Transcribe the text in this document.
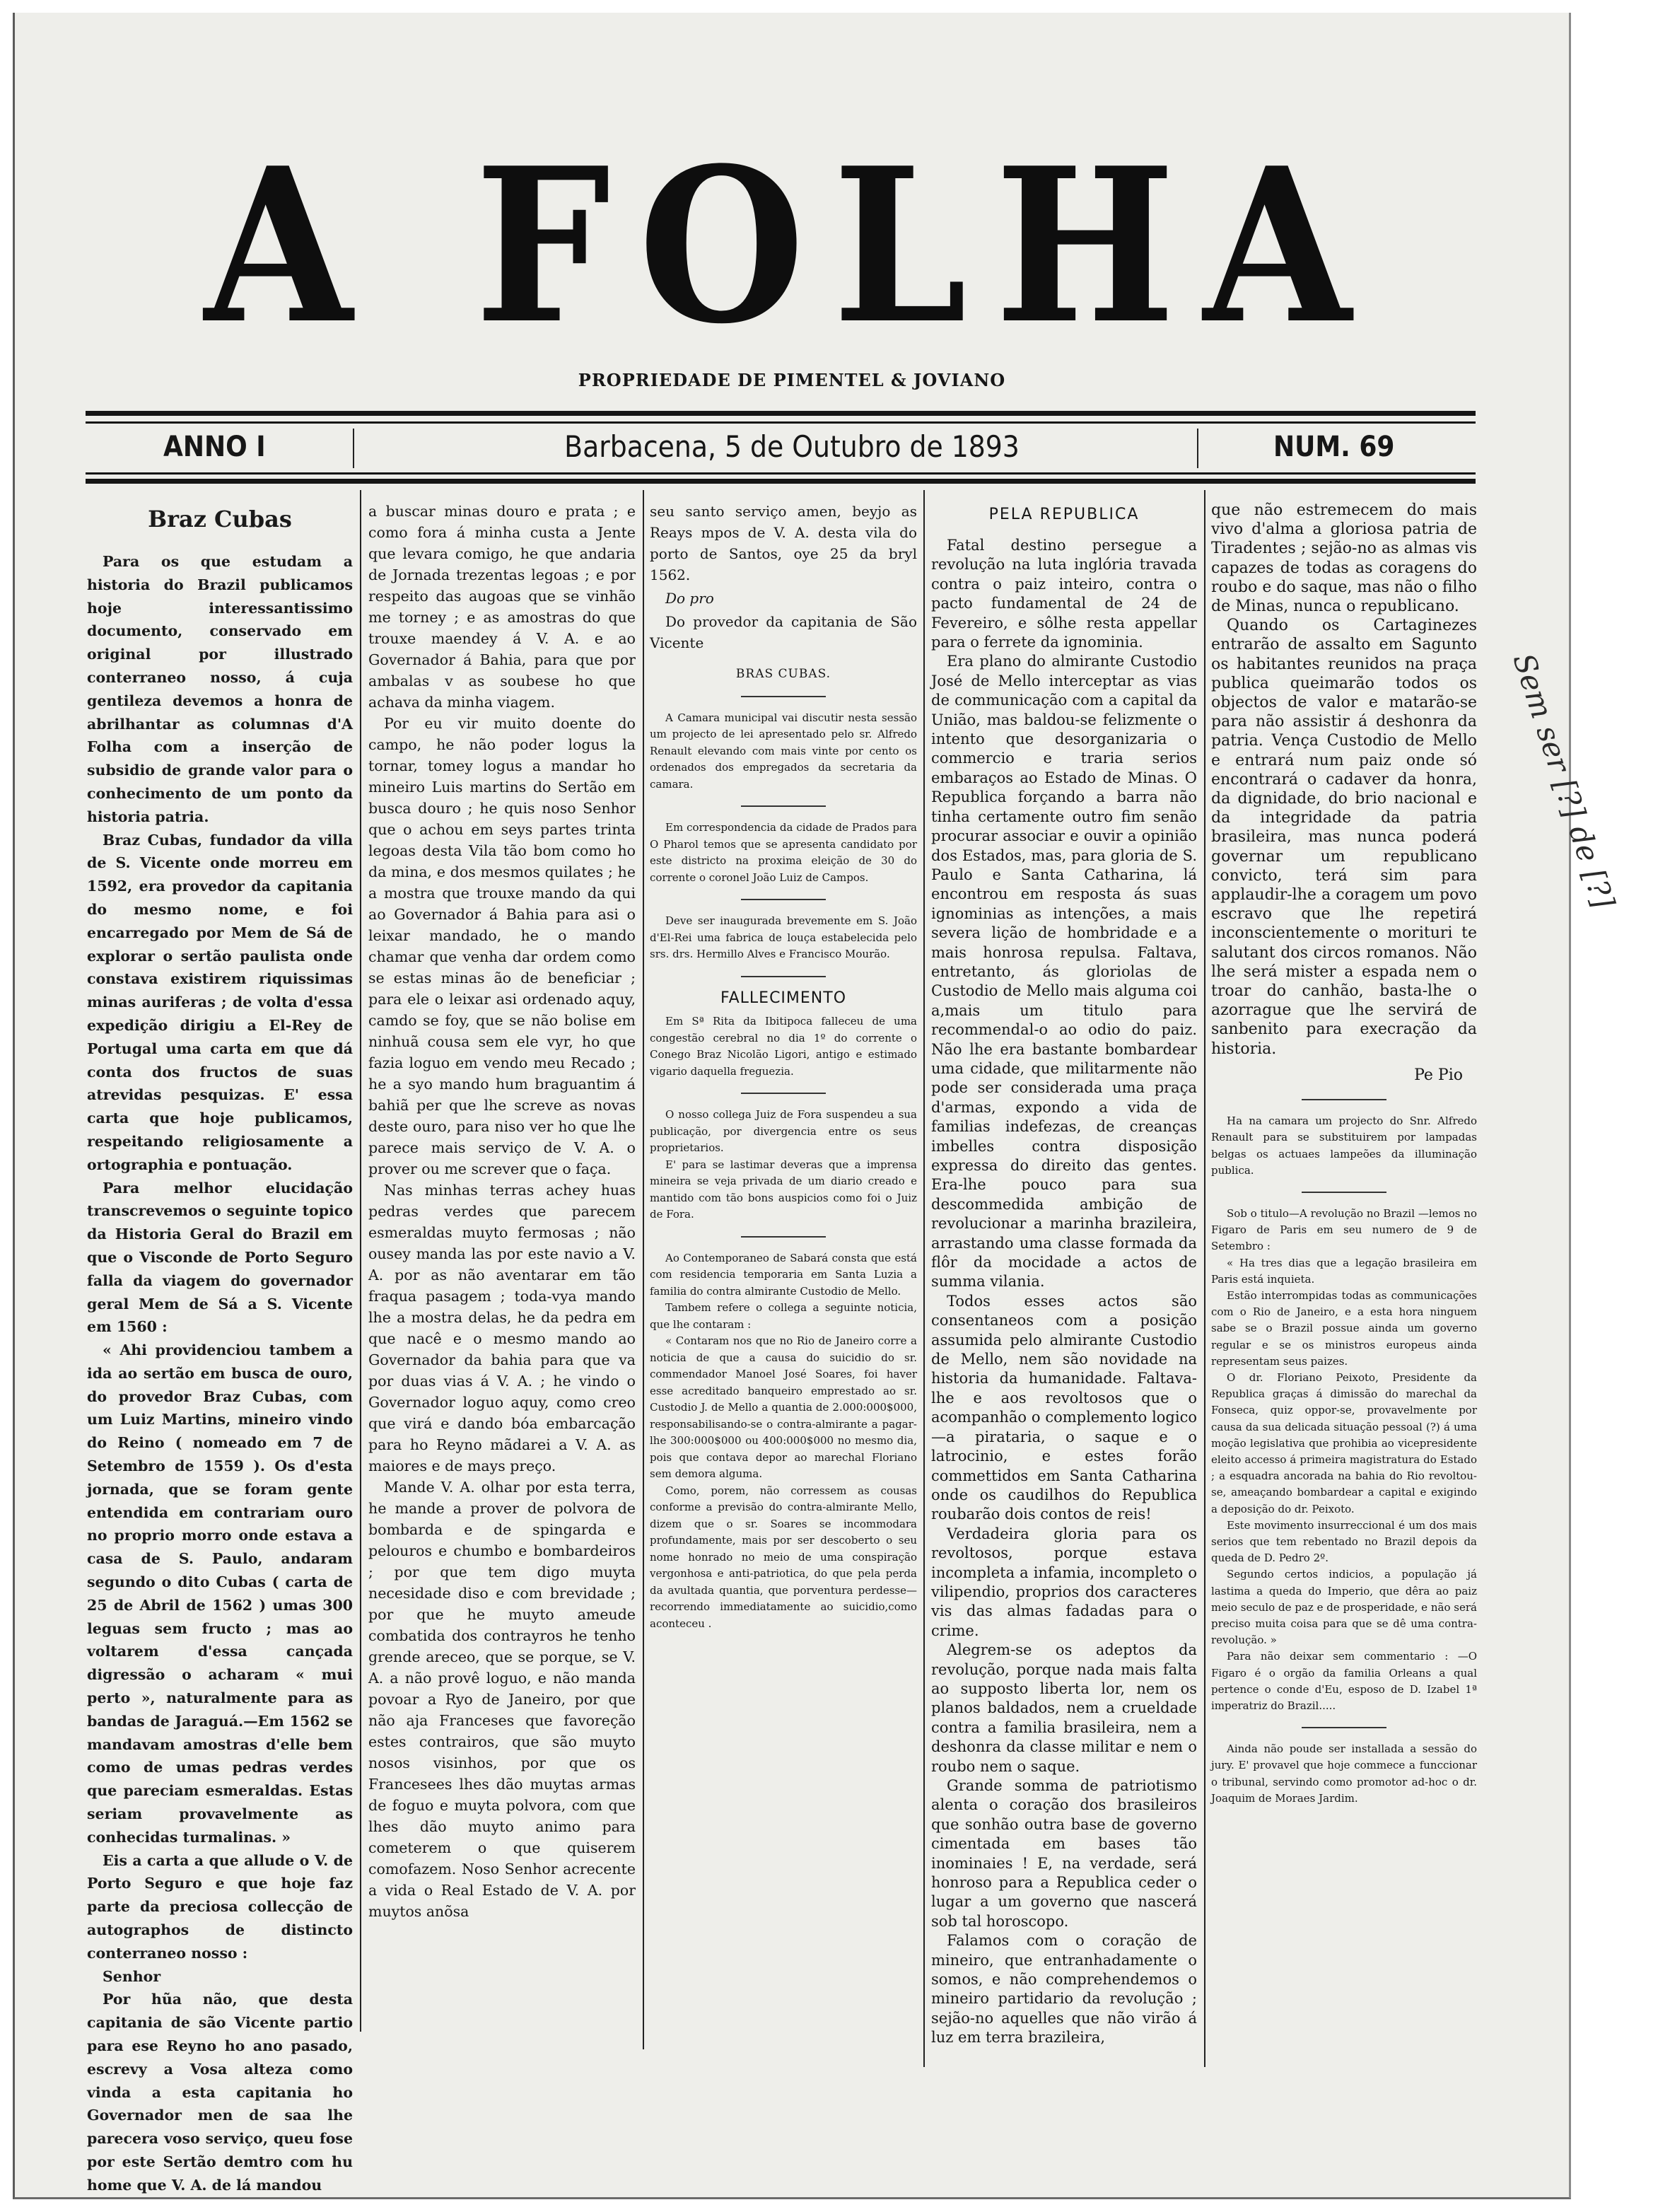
A FOLHA
PROPRIEDADE DE PIMENTEL & JOVIANO
ANNO I	Barbacena, 5 de Outubro de 1893	NUM. 69
Braz Cubas

Para os que estudam a historia do Brazil publicamos hoje interessantissimo documento, conservado em original por illustrado conterraneo nosso, á cuja gentileza devemos a honra de abrilhantar as columnas d'A Folha com a inserção de subsidio de grande valor para o conhecimento de um ponto da historia patria.

Braz Cubas, fundador da villa de S. Vicente onde morreu em 1592, era provedor da capitania do mesmo nome, e foi encarregado por Mem de Sá de explorar o sertão paulista onde constava existirem riquissimas minas auriferas ; de volta d'essa expedição dirigiu a El-Rey de Portugal uma carta em que dá conta dos fructos de suas atrevidas pesquizas. E' essa carta que hoje publicamos, respeitando religiosamente a ortographia e pontuação.

Para melhor elucidação transcrevemos o seguinte topico da Historia Geral do Brazil em que o Visconde de Porto Seguro falla da viagem do governador geral Mem de Sá a S. Vicente em 1560 :

« Ahi providenciou tambem a ida ao sertão em busca de ouro, do provedor Braz Cubas, com um Luiz Martins, mineiro vindo do Reino ( nomeado em 7 de Setembro de 1559 ). Os d'esta jornada, que se foram gente entendida em contrariam ouro no proprio morro onde estava a casa de S. Paulo, andaram segundo o dito Cubas ( carta de 25 de Abril de 1562 ) umas 300 leguas sem fructo ; mas ao voltarem d'essa cançada digressão o acharam « mui perto », naturalmente para as bandas de Jaraguá.—Em 1562 se mandavam amostras d'elle bem como de umas pedras verdes que pareciam esmeraldas. Estas seriam provavelmente as conhecidas turmalinas. »

Eis a carta a que allude o V. de Porto Seguro e que hoje faz parte da preciosa collecção de autographos de distincto conterraneo nosso :

Senhor

Por hũa não, que desta capitania de são Vicente partio para ese Reyno ho ano pasado, escrevy a Vosa alteza como vinda a esta capitania ho Governador men de saa lhe parecera voso serviço, queu fose por este Sertão demtro com hu home que V. A. de lá mandou

a buscar minas douro e prata ; e como fora á minha custa a Jente que levara comigo, he que andaria de Jornada trezentas legoas ; e por respeito das augoas que se vinhão me torney ; e as amostras do que trouxe maendey á V. A. e ao Governador á Bahia, para que por ambalas v as soubese ho que achava da minha viagem.

Por eu vir muito doente do campo, he não poder logus la tornar, tomey logus a mandar ho mineiro Luis martins do Sertão em busca douro ; he quis noso Senhor que o achou em seys partes trinta legoas desta Vila tão bom como ho da mina, e dos mesmos quilates ; he a mostra que trouxe mando da qui ao Governador á Bahia para asi o leixar mandado, he o mando chamar que venha dar ordem como se estas minas ão de beneficiar ; para ele o leixar asi ordenado aquy, camdo se foy, que se não bolise em ninhuã cousa sem ele vyr, ho que fazia loguo em vendo meu Recado ; he a syo mando hum braguantim á bahiã per que lhe screve as novas deste ouro, para niso ver ho que lhe parece mais serviço de V. A. o prover ou me screver que o faça.

Nas minhas terras achey huas pedras verdes que parecem esmeraldas muyto fermosas ; não ousey manda las por este navio a V. A. por as não aventarar em tão fraqua pasagem ; toda-vya mando lhe a mostra delas, he da pedra em que nacê e o mesmo mando ao Governador da bahia para que va por duas vias á V. A. ; he vindo o Governador loguo aquy, como creo que virá e dando bóa embarcação para ho Reyno mãdarei a V. A. as maiores e de mays preço.

Mande V. A. olhar por esta terra, he mande a prover de polvora de bombarda e de spingarda e pelouros e chumbo e bombardeiros ; por que tem digo muyta necesidade diso e com brevidade ; por que he muyto ameude combatida dos contrayros he tenho grende areceo, que se porque, se V. A. a não provê loguo, e não manda povoar a Ryo de Janeiro, por que não aja Franceses que favoreção estes contrairos, que são muyto nosos visinhos, por que os Francesees lhes dão muytas armas de foguo e muyta polvora, com que lhes dão muyto animo para cometerem o que quiserem comofazem. Noso Senhor acrecente a vida o Real Estado de V. A. por muytos anõsa

seu santo serviço amen, beyjo as Reays mpos de V. A. desta vila do porto de Santos, oye 25 da bryl 1562.

Do pro

Do provedor da capitania de São Vicente

BRAS CUBAS.

A Camara municipal vai discutir nesta sessão um projecto de lei apresentado pelo sr. Alfredo Renault elevando com mais vinte por cento os ordenados dos empregados da secretaria da camara.

Em correspondencia da cidade de Prados para O Pharol temos que se apresenta candidato por este districto na proxima eleição de 30 do corrente o coronel João Luiz de Campos.

Deve ser inaugurada brevemente em S. João d'El-Rei uma fabrica de louça estabelecida pelo srs. drs. Hermillo Alves e Francisco Mourão.

FALLECIMENTO

Em Sª Rita da Ibitipoca falleceu de uma congestão cerebral no dia 1º do corrente o Conego Braz Nicolão Ligori, antigo e estimado vigario daquella freguezia.

O nosso collega Juiz de Fora suspendeu a sua publicação, por divergencia entre os seus proprietarios.

E' para se lastimar deveras que a imprensa mineira se veja privada de um diario creado e mantido com tão bons auspicios como foi o Juiz de Fora.

Ao Contemporaneo de Sabará consta que está com residencia temporaria em Santa Luzia a familia do contra almirante Custodio de Mello.

Tambem refere o collega a seguinte noticia, que lhe contaram :

« Contaram nos que no Rio de Janeiro corre a noticia de que a causa do suicidio do sr. commendador Manoel José Soares, foi haver esse acreditado banqueiro emprestado ao sr. Custodio J. de Mello a quantia de 2.000:000$000, responsabilisando-se o contra-almirante a pagar-lhe 300:000$000 ou 400:000$000 no mesmo dia, pois que contava depor ao marechal Floriano sem demora alguma.

Como, porem, não corressem as cousas conforme a previsão do contra-almirante Mello, dizem que o sr. Soares se incommodara profundamente, mais por ser descoberto o seu nome honrado no meio de uma conspiração vergonhosa e anti-patriotica, do que pela perda da avultada quantia, que porventura perdesse—recorrendo immediatamente ao suicidio,como aconteceu .

PELA REPUBLICA

Fatal destino persegue a revolução na luta inglória travada contra o paiz inteiro, contra o pacto fundamental de 24 de Fevereiro, e sôlhe resta appellar para o ferrete da ignominia.

Era plano do almirante Custodio José de Mello interceptar as vias de communicação com a capital da União, mas baldou-se felizmente o intento que desorganizaria o commercio e traria serios embaraços ao Estado de Minas. O Republica forçando a barra não tinha certamente outro fim senão procurar associar e ouvir a opinião dos Estados, mas, para gloria de S. Paulo e Santa Catharina, lá encontrou em resposta ás suas ignominias as intenções, a mais severa lição de hombridade e a mais honrosa repulsa. Faltava, entretanto, ás gloriolas de Custodio de Mello mais alguma coi a,mais um titulo para recommendal-o ao odio do paiz. Não lhe era bastante bombardear uma cidade, que militarmente não pode ser considerada uma praça d'armas, expondo a vida de familias indefezas, de creanças imbelles contra disposição expressa do direito das gentes. Era-lhe pouco para sua descommedida ambição de revolucionar a marinha brazileira, arrastando uma classe formada da flôr da mocidade a actos de summa vilania.

Todos esses actos são consentaneos com a posição assumida pelo almirante Custodio de Mello, nem são novidade na historia da humanidade. Faltava-lhe e aos revoltosos que o acompanhão o complemento logico—a pirataria, o saque e o latrocinio, e estes forão commettidos em Santa Catharina onde os caudilhos do Republica roubarão dois contos de reis!

Verdadeira gloria para os revoltosos, porque estava incompleta a infamia, incompleto o vilipendio, proprios dos caracteres vis das almas fadadas para o crime.

Alegrem-se os adeptos da revolução, porque nada mais falta ao supposto liberta lor, nem os planos baldados, nem a crueldade contra a familia brasileira, nem a deshonra da classe militar e nem o roubo nem o saque.

Grande somma de patriotismo alenta o coração dos brasileiros que sonhão outra base de governo cimentada em bases tão inominaies ! E, na verdade, será honroso para a Republica ceder o lugar a um governo que nascerá sob tal horoscopo.

Falamos com o coração de mineiro, que entranhadamente o somos, e não comprehendemos o mineiro partidario da revolução ; sejão-no aquelles que não virão á luz em terra brazileira,

que não estremecem do mais vivo d'alma a gloriosa patria de Tiradentes ; sejão-no as almas vis capazes de todas as coragens do roubo e do saque, mas não o filho de Minas, nunca o republicano.

Quando os Cartaginezes entrarão de assalto em Sagunto os habitantes reunidos na praça publica queimarão todos os objectos de valor e matarão-se para não assistir á deshonra da patria. Vença Custodio de Mello e entrará num paiz onde só encontrará o cadaver da honra, da dignidade, do brio nacional e da integridade da patria brasileira, mas nunca poderá governar um republicano convicto, terá sim para applaudir-lhe a coragem um povo escravo que lhe repetirá inconscientemente o morituri te salutant dos circos romanos. Não lhe será mister a espada nem o troar do canhão, basta-lhe o azorrague que lhe servirá de sanbenito para execração da historia.

Pe Pio

Ha na camara um projecto do Snr. Alfredo Renault para se substituirem por lampadas belgas os actuaes lampeões da illuminação publica.

Sob o titulo—A revolução no Brazil —lemos no Figaro de Paris em seu numero de 9 de Setembro :

« Ha tres dias que a legação brasileira em Paris está inquieta.

Estão interrompidas todas as communicações com o Rio de Janeiro, e a esta hora ninguem sabe se o Brazil possue ainda um governo regular e se os ministros europeus ainda representam seus paizes.

O dr. Floriano Peixoto, Presidente da Republica graças á dimissão do marechal da Fonseca, quiz oppor-se, provavelmente por causa da sua delicada situação pessoal (?) á uma moção legislativa que prohibia ao vicepresidente eleito accesso á primeira magistratura do Estado ; a esquadra ancorada na bahia do Rio revoltou-se, ameaçando bombardear a capital e exigindo a deposição do dr. Peixoto.

Este movimento insurreccional é um dos mais serios que tem rebentado no Brazil depois da queda de D. Pedro 2º.

Segundo certos indicios, a população já lastima a queda do Imperio, que dêra ao paiz meio seculo de paz e de prosperidade, e não será preciso muita coisa para que se dê uma contra-revolução. »

Para não deixar sem commentario : —O Figaro é o orgão da familia Orleans a qual pertence o conde d'Eu, esposo de D. Izabel 1ª imperatriz do Brazil.....

Ainda não poude ser installada a sessão do jury. E' provavel que hoje commece a funccionar o tribunal, servindo como promotor ad-hoc o dr. Joaquim de Moraes Jardim.

Sem ser [?] de [?]
